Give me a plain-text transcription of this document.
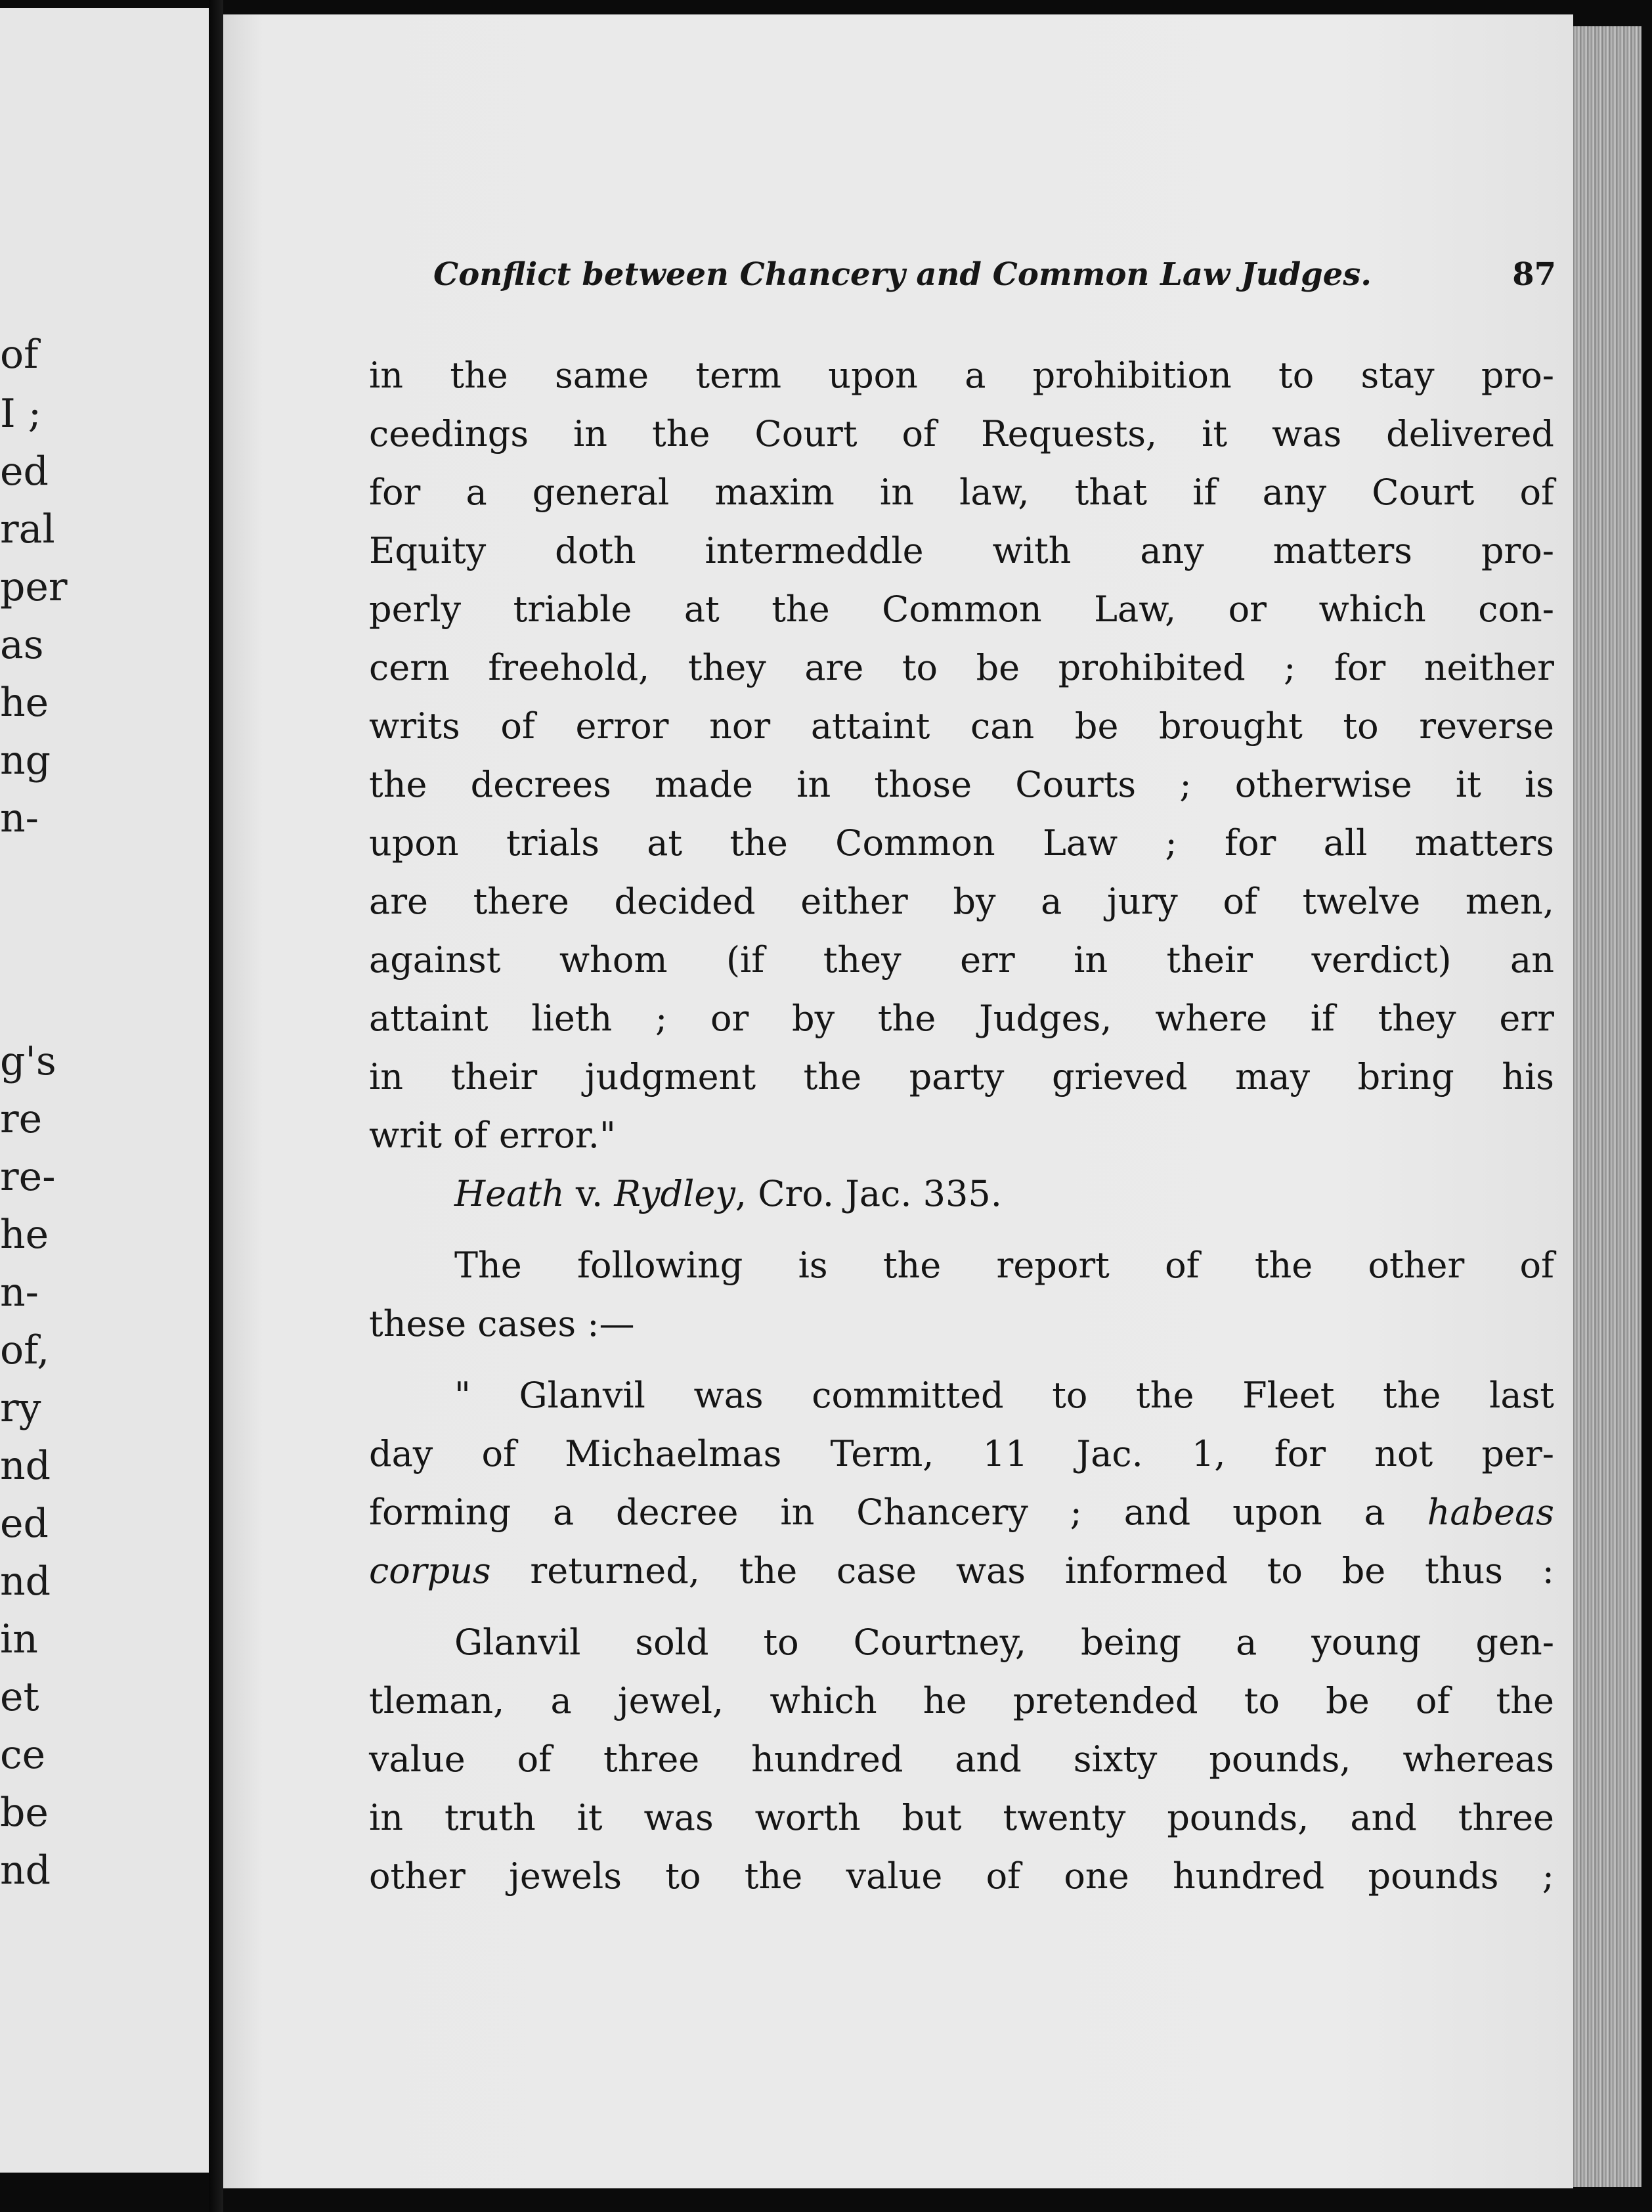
of
I ;
ed
ral
per
as
he
ng
n-
g's
re
re-
he
n-
of,
ry
nd
ed
nd
in
et
ce
be
nd
Conflict between Chancery and Common Law Judges.	87
in the same term upon a prohibition to stay pro-
ceedings in the Court of Requests, it was delivered
for a general maxim in law, that if any Court of
Equity doth intermeddle with any matters pro-
perly triable at the Common Law, or which con-
cern freehold, they are to be prohibited ; for neither
writs of error nor attaint can be brought to reverse
the decrees made in those Courts ; otherwise it is
upon trials at the Common Law ; for all matters
are there decided either by a jury of twelve men,
against whom (if they err in their verdict) an
attaint lieth ; or by the Judges, where if they err
in their judgment the party grieved may bring his
writ of error."
Heath v. Rydley, Cro. Jac. 335.
The following is the report of the other of
these cases :—
" Glanvil was committed to the Fleet the last
day of Michaelmas Term, 11 Jac. 1, for not per-
forming a decree in Chancery ; and upon a habeas
corpus returned, the case was informed to be thus :
Glanvil sold to Courtney, being a young gen-
tleman, a jewel, which he pretended to be of the
value of three hundred and sixty pounds, whereas
in truth it was worth but twenty pounds, and three
other jewels to the value of one hundred pounds ;
